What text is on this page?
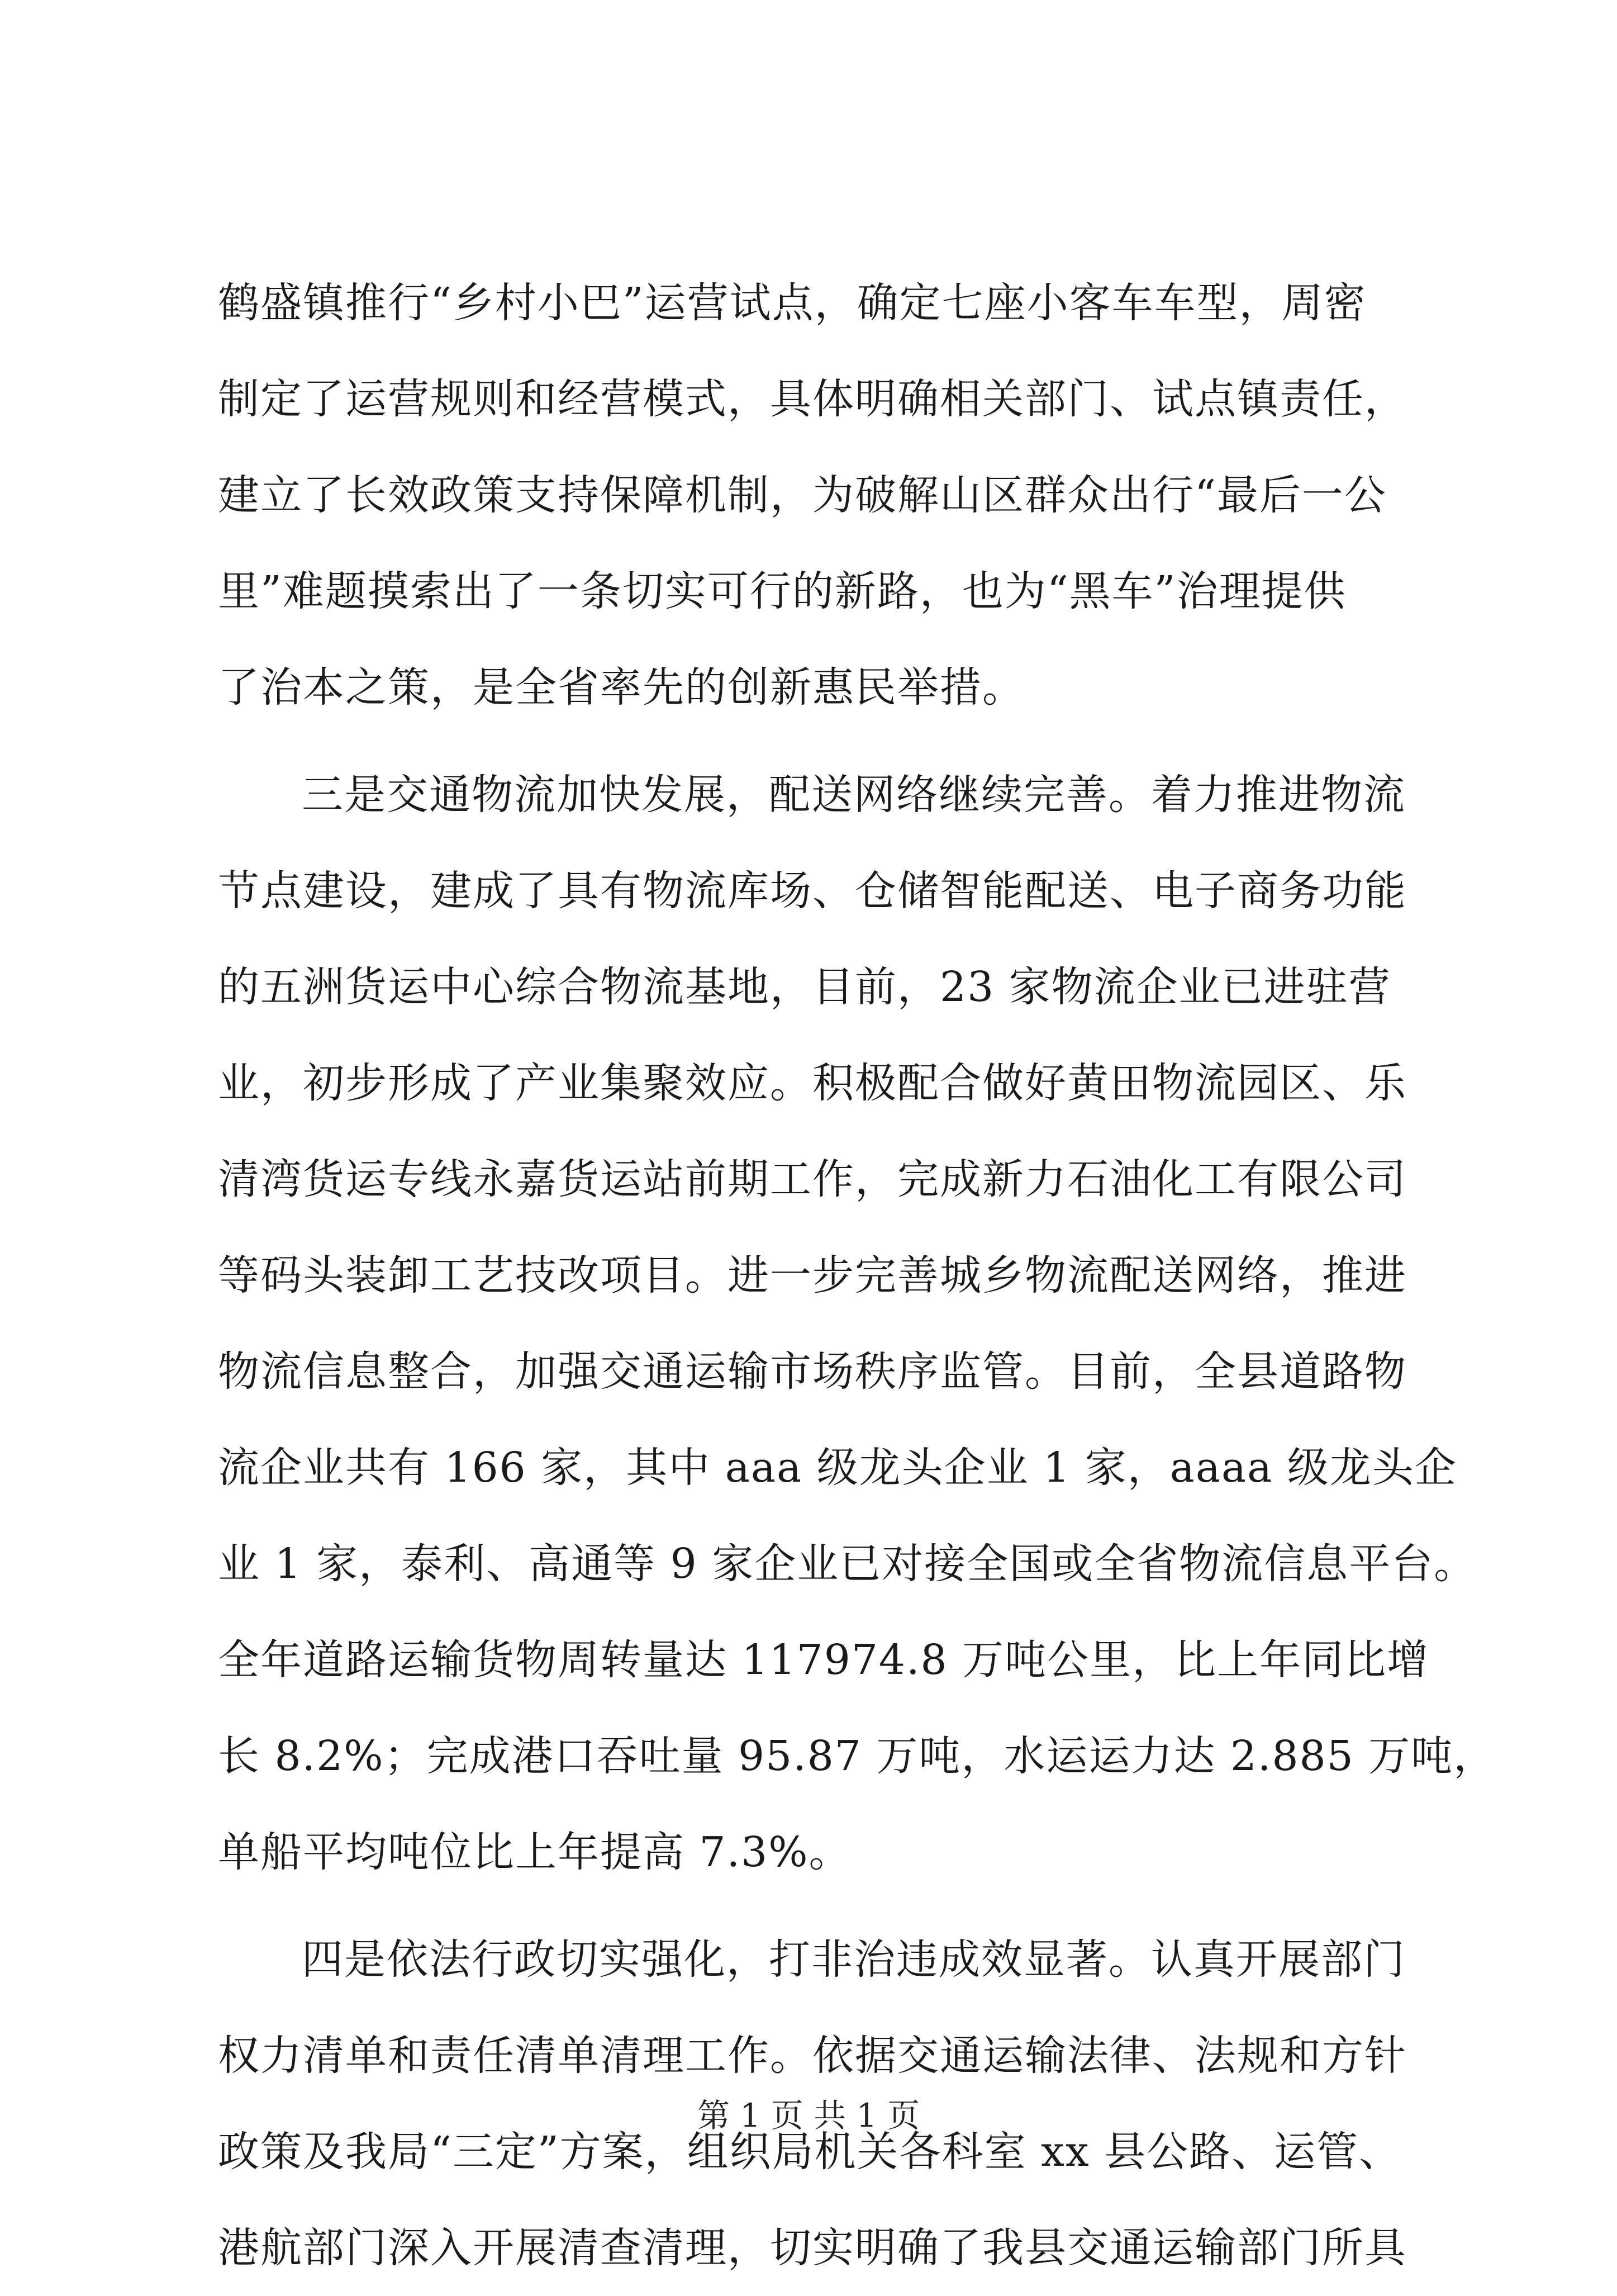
鹤盛镇推行“乡村小巴”运营试点，确定七座小客车车型，周密
制定了运营规则和经营模式，具体明确相关部门、试点镇责任，
建立了长效政策支持保障机制，为破解山区群众出行“最后一公
里”难题摸索出了一条切实可行的新路，也为“黑车”治理提供
了治本之策，是全省率先的创新惠民举措。
三是交通物流加快发展，配送网络继续完善。着力推进物流
节点建设，建成了具有物流库场、仓储智能配送、电子商务功能
的五洲货运中心综合物流基地，目前，23 家物流企业已进驻营
业，初步形成了产业集聚效应。积极配合做好黄田物流园区、乐
清湾货运专线永嘉货运站前期工作，完成新力石油化工有限公司
等码头装卸工艺技改项目。进一步完善城乡物流配送网络，推进
物流信息整合，加强交通运输市场秩序监管。目前，全县道路物
流企业共有 166 家，其中 aaa 级龙头企业 1 家，aaaa 级龙头企
业 1 家，泰利、高通等 9 家企业已对接全国或全省物流信息平台。
全年道路运输货物周转量达 117974.8 万吨公里，比上年同比增
长 8.2%；完成港口吞吐量 95.87 万吨，水运运力达 2.885 万吨，
单船平均吨位比上年提高 7.3%。
四是依法行政切实强化，打非治违成效显著。认真开展部门
权力清单和责任清单清理工作。依据交通运输法律、法规和方针
政策及我局“三定”方案，组织局机关各科室 xx 县公路、运管、
港航部门深入开展清查清理，切实明确了我县交通运输部门所具
第 1 页 共 1 页
